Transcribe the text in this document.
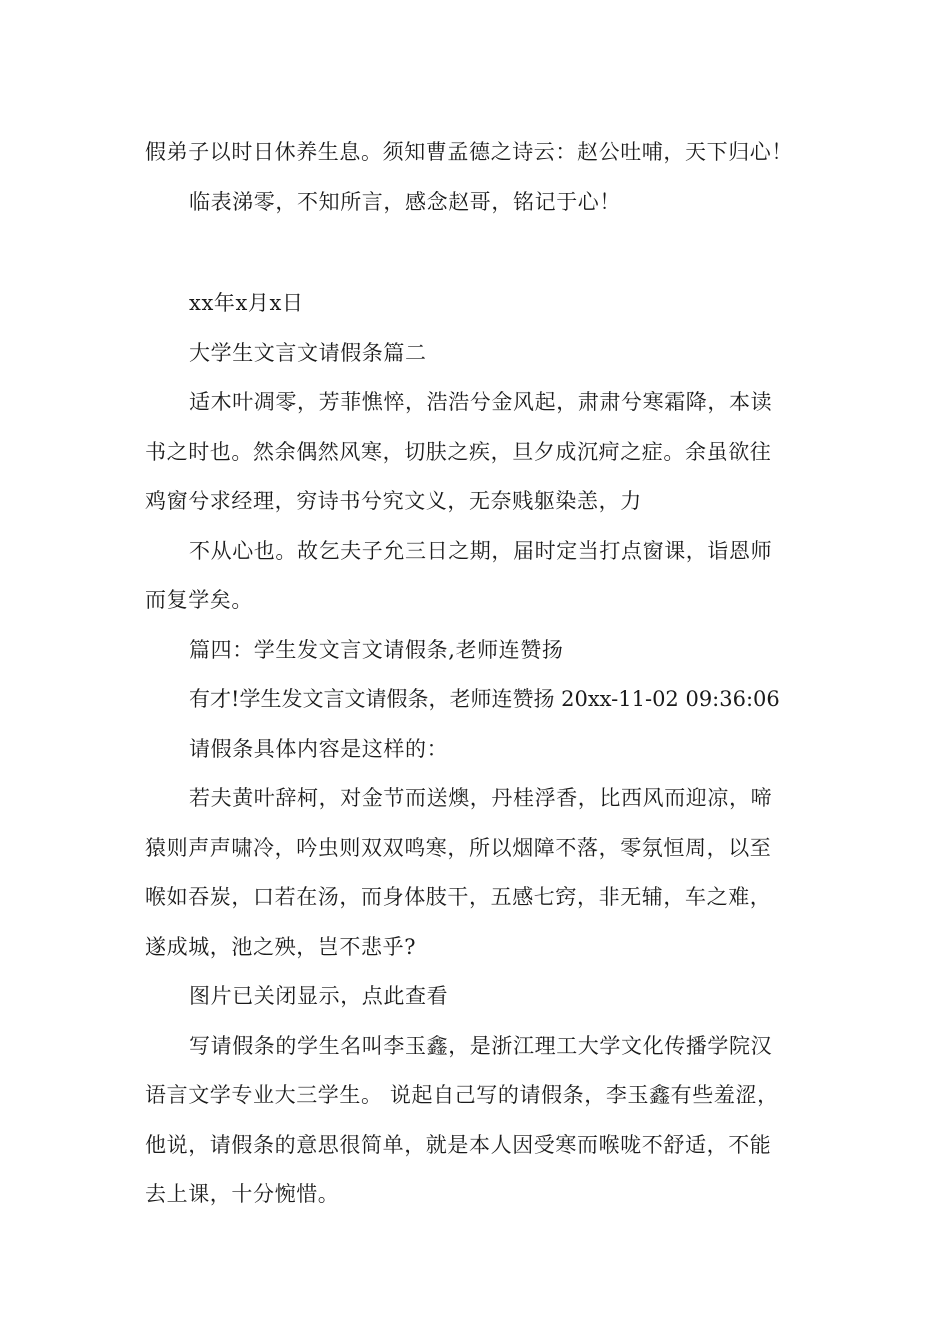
假弟子以时日休养生息。须知曹孟德之诗云：赵公吐哺，天下归心！
临表涕零，不知所言，感念赵哥，铭记于心！
xx年x月x日
大学生文言文请假条篇二
适木叶凋零，芳菲憔悴，浩浩兮金风起，肃肃兮寒霜降，本读
书之时也。然余偶然风寒，切肤之疾，旦夕成沉疴之症。余虽欲往
鸡窗兮求经理，穷诗书兮究文义，无奈贱躯染恙，力
不从心也。故乞夫子允三日之期，届时定当打点窗课，诣恩师
而复学矣。
篇四：学生发文言文请假条,老师连赞扬
有才!学生发文言文请假条，老师连赞扬 20xx-11-02 09:36:06
请假条具体内容是这样的：
若夫黄叶辞柯，对金节而送燠，丹桂浮香，比西风而迎凉，啼
猿则声声啸冷，吟虫则双双鸣寒，所以烟障不落，零氛恒周，以至
喉如吞炭，口若在汤，而身体肢干，五感七窍，非无辅，车之难，
遂成城，池之殃，岂不悲乎?
图片已关闭显示，点此查看
写请假条的学生名叫李玉鑫，是浙江理工大学文化传播学院汉
语言文学专业大三学生。 说起自己写的请假条，李玉鑫有些羞涩，
他说，请假条的意思很简单，就是本人因受寒而喉咙不舒适，不能
去上课，十分惋惜。
